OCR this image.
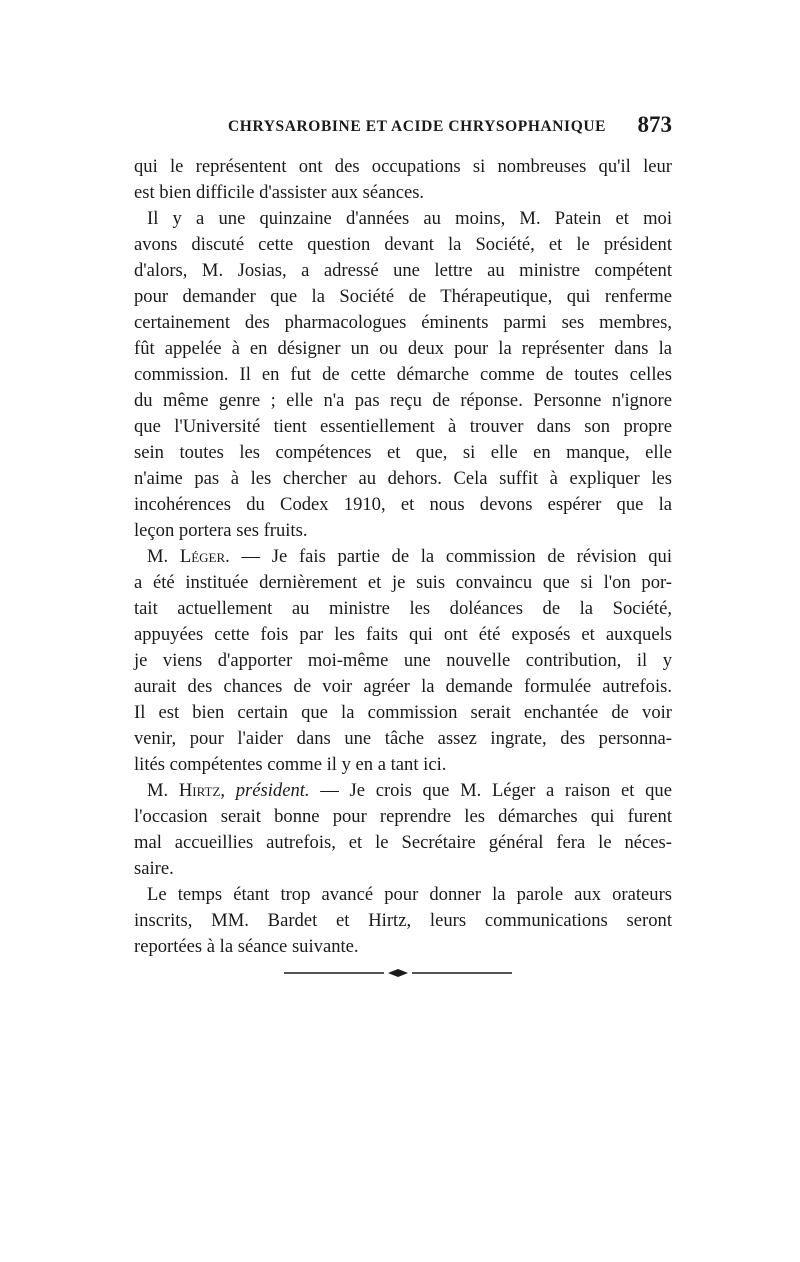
CHRYSAROBINE ET ACIDE CHRYSOPHANIQUE 873
qui le représentent ont des occupations si nombreuses qu'il leur
est bien difficile d'assister aux séances.
Il y a une quinzaine d'années au moins, M. Patein et moi
avons discuté cette question devant la Société, et le président
d'alors, M. Josias, a adressé une lettre au ministre compétent
pour demander que la Société de Thérapeutique, qui renferme
certainement des pharmacologues éminents parmi ses membres,
fût appelée à en désigner un ou deux pour la représenter dans la
commission. Il en fut de cette démarche comme de toutes celles
du même genre ; elle n'a pas reçu de réponse. Personne n'ignore
que l'Université tient essentiellement à trouver dans son propre
sein toutes les compétences et que, si elle en manque, elle
n'aime pas à les chercher au dehors. Cela suffit à expliquer les
incohérences du Codex 1910, et nous devons espérer que la
leçon portera ses fruits.
M. Léger. — Je fais partie de la commission de révision qui
a été instituée dernièrement et je suis convaincu que si l'on por-
tait actuellement au ministre les doléances de la Société,
appuyées cette fois par les faits qui ont été exposés et auxquels
je viens d'apporter moi-même une nouvelle contribution, il y
aurait des chances de voir agréer la demande formulée autrefois.
Il est bien certain que la commission serait enchantée de voir
venir, pour l'aider dans une tâche assez ingrate, des personna-
lités compétentes comme il y en a tant ici.
M. Hirtz, président. — Je crois que M. Léger a raison et que
l'occasion serait bonne pour reprendre les démarches qui furent
mal accueillies autrefois, et le Secrétaire général fera le néces-
saire.
Le temps étant trop avancé pour donner la parole aux orateurs
inscrits, MM. Bardet et Hirtz, leurs communications seront
reportées à la séance suivante.
